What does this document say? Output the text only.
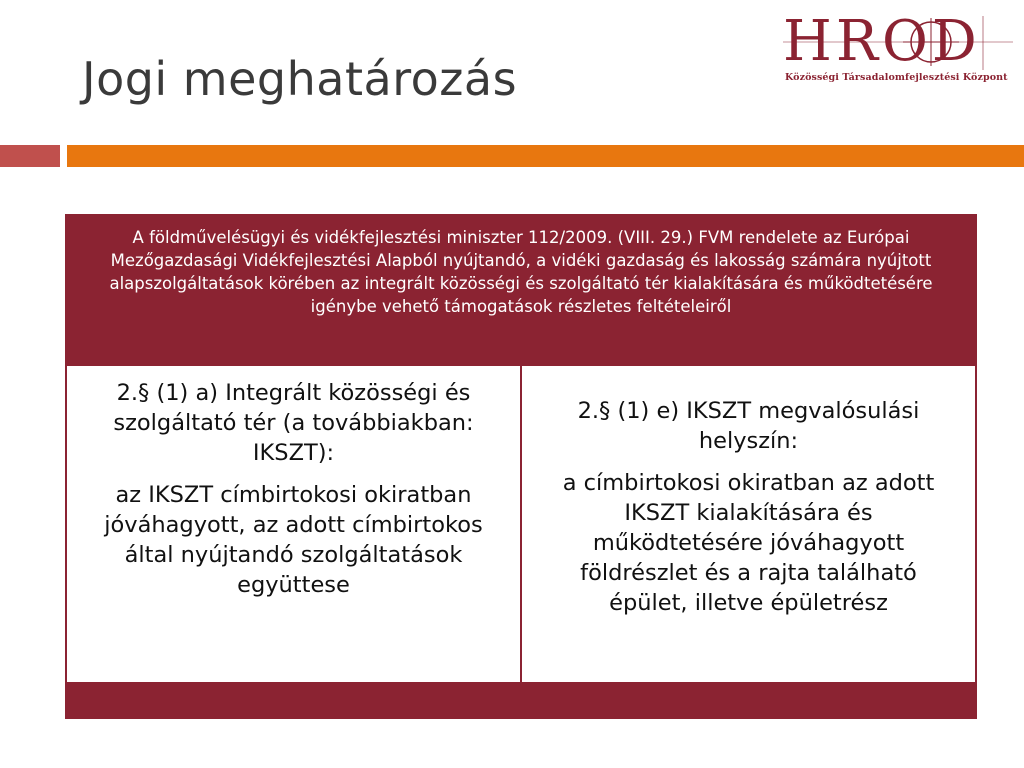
Jogi meghatározás
HROD
Közösségi Társadalomfejlesztési Központ
A földművelésügyi és vidékfejlesztési miniszter 112/2009. (VIII. 29.) FVM rendelete az Európai Mezőgazdasági Vidékfejlesztési Alapból nyújtandó, a vidéki gazdaság és lakosság számára nyújtott alapszolgáltatások körében az integrált közösségi és szolgáltató tér kialakítására és működtetésére igénybe vehető támogatások részletes feltételeiről

2.§ (1) a) Integrált közösségi és szolgáltató tér (a továbbiakban: IKSZT):

az IKSZT címbirtokosi okiratban jóváhagyott, az adott címbirtokos által nyújtandó szolgáltatások együttese

2.§ (1) e) IKSZT megvalósulási helyszín:

a címbirtokosi okiratban az adott IKSZT kialakítására és működtetésére jóváhagyott földrészlet és a rajta található épület, illetve épületrész
